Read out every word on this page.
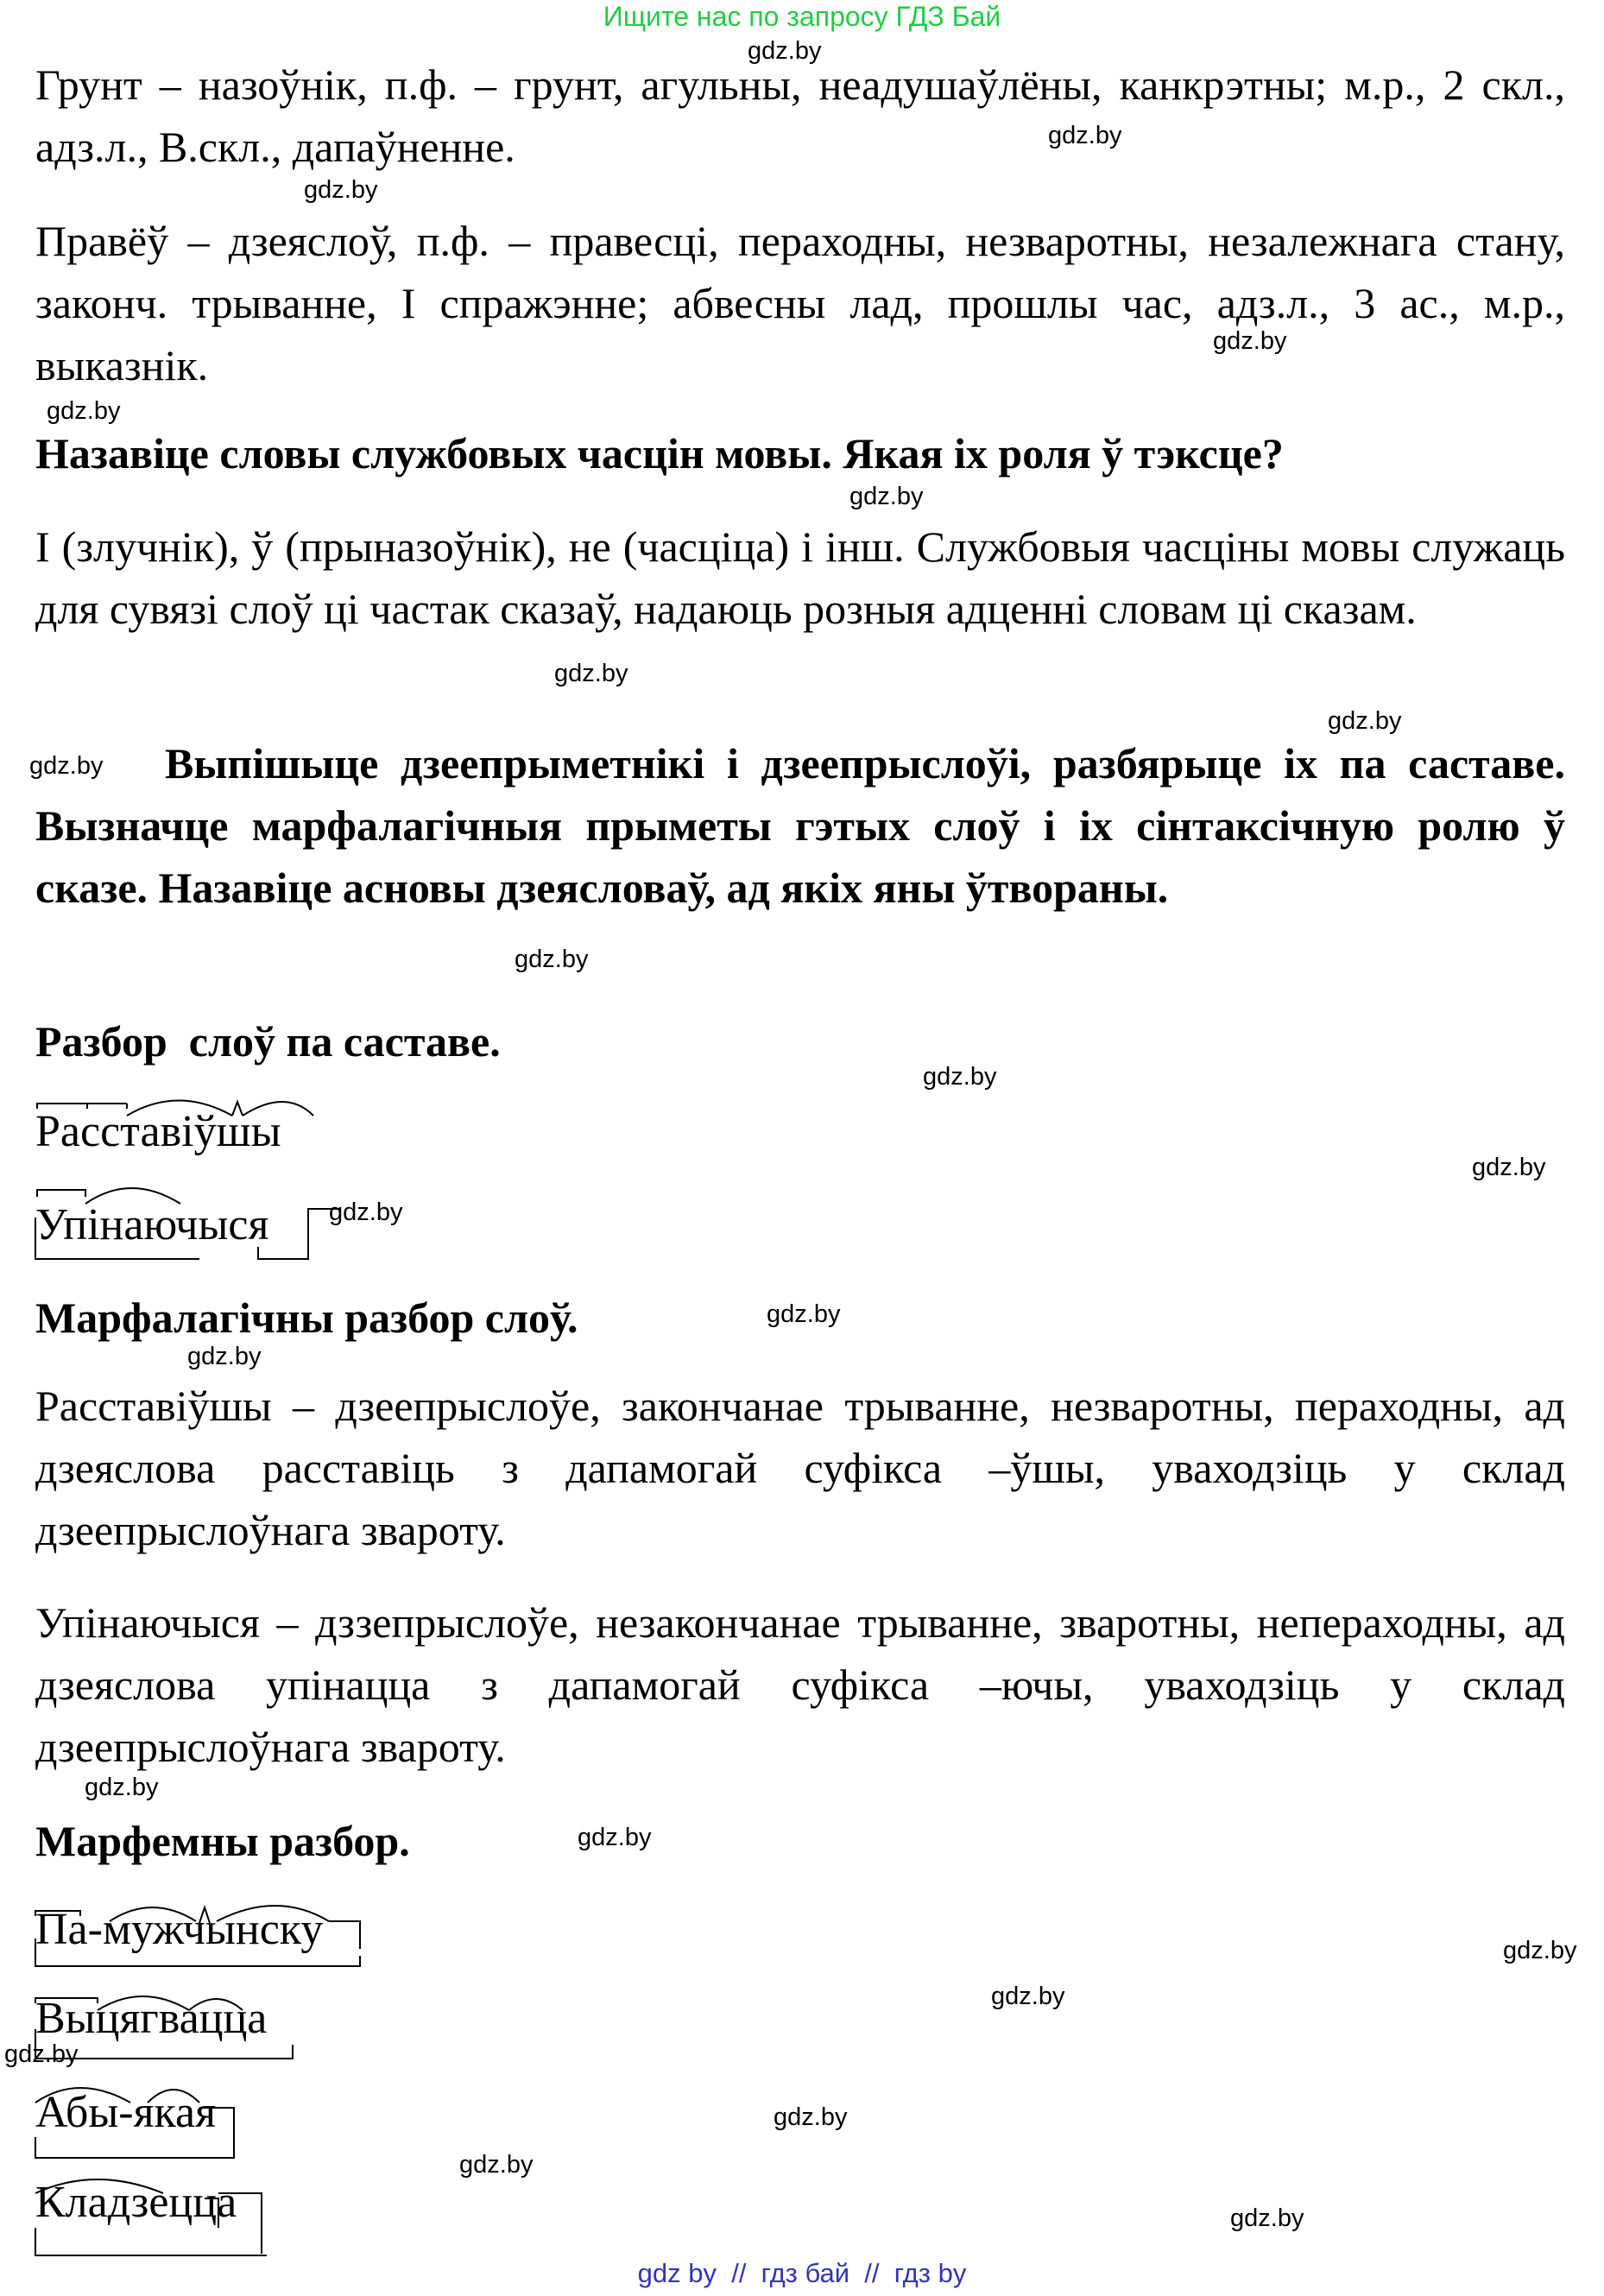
Ищите нас по запросу ГДЗ Бай
Грунт – назоўнік, п.ф. – грунт, агульны, неадушаўлёны, канкрэтны; м.р., 2 скл., адз.л., В.скл., дапаўненне.
Правёў – дзеяслоў, п.ф. – правесці, пераходны, незваротны, незалежнага стану, законч. трыванне, I спражэнне; абвесны лад, прошлы час, адз.л., 3 ас., м.р., выказнік.
Назавіце словы службовых часцін мовы. Якая іх роля ў тэксце?
І (злучнік), ў (прыназоўнік), не (часціца) і інш. Службовыя часціны мовы служаць для сувязі слоў ці частак сказаў, надаюць розныя адценні словам ці сказам.
Выпішыце дзеепрыметнікі і дзеепрыслоўі, разбярыце іх па саставе. Вызначце марфалагічныя прыметы гэтых слоў і іх сінтаксічную ролю ў сказе. Назавіце асновы дзеясловаў, ад якіх яны ўтвораны.
Разбор  слоў па саставе.
Расставіўшы
Упінаючыся
Марфалагічны разбор слоў.
Расставіўшы – дзеепрыслоўе, закончанае трыванне, незваротны, пераходны, ад дзеяслова расставіць з дапамогай суфікса –ўшы, уваходзіць у склад дзеепрыслоўнага звароту.
Упінаючыся – дззепрыслоўе, незакончанае трыванне, зваротны, непераходны, ад дзеяслова упінацца з дапамогай суфікса –ючы, уваходзіць у склад дзеепрыслоўнага звароту.
Марфемны разбор.
Па-мужчынску
Выцягвацца
Абы-якая
Кладзецца
gdz.by
gdz.by
gdz.by
gdz.by
gdz.by
gdz.by
gdz.by
gdz.by
gdz.by
gdz.by
gdz.by
gdz.by
gdz.by
gdz.by
gdz.by
gdz.by
gdz.by
gdz.by
gdz.by
gdz.by
gdz.by
gdz.by
gdz.by
gdz by  //  гдз бай  //  гдз by
